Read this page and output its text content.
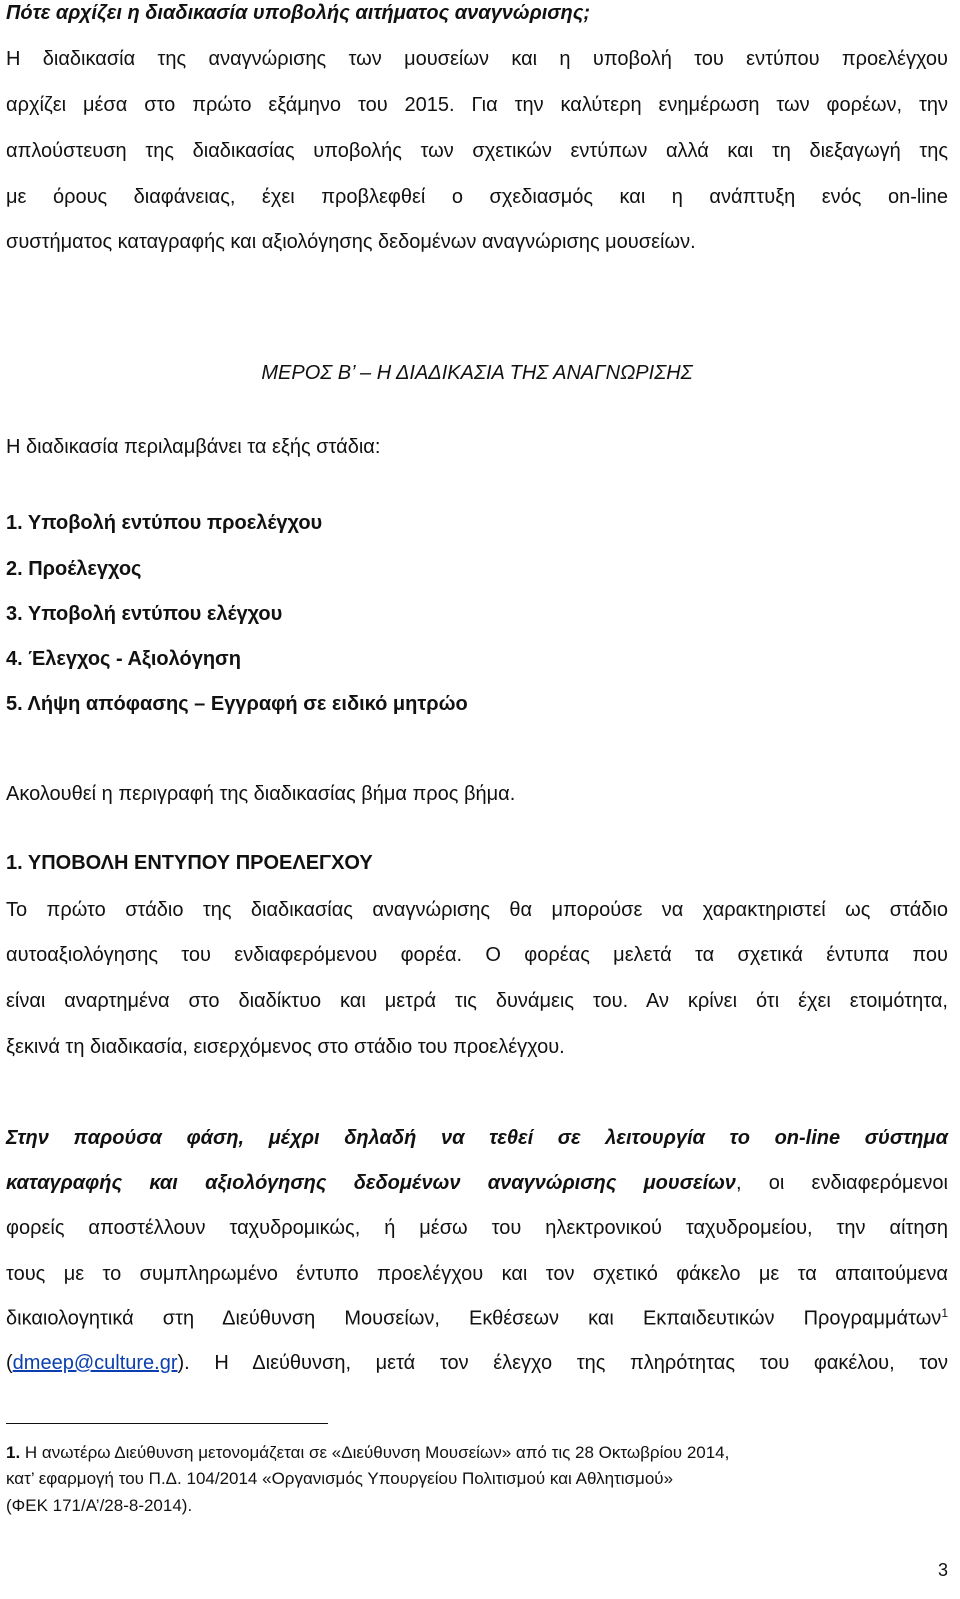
Πότε αρχίζει η διαδικασία υποβολής αιτήματος αναγνώρισης;
Η διαδικασία της αναγνώρισης των μουσείων και η υποβολή του εντύπου προελέγχου
αρχίζει μέσα στο πρώτο εξάμηνο του 2015. Για την καλύτερη ενημέρωση των φορέων, την
απλούστευση της διαδικασίας υποβολής των σχετικών εντύπων αλλά και τη διεξαγωγή της
με όρους διαφάνειας, έχει προβλεφθεί ο σχεδιασμός και η ανάπτυξη ενός on-line
συστήματος καταγραφής και αξιολόγησης δεδομένων αναγνώρισης μουσείων.
ΜΕΡΟΣ Β’ – Η ΔΙΑΔΙΚΑΣΙΑ ΤΗΣ ΑΝΑΓΝΩΡΙΣΗΣ
Η διαδικασία περιλαμβάνει τα εξής στάδια:
1. Υποβολή εντύπου προελέγχου
2. Προέλεγχος
3. Υποβολή εντύπου ελέγχου
4. Έλεγχος - Αξιολόγηση
5. Λήψη απόφασης – Εγγραφή σε ειδικό μητρώο
Ακολουθεί η περιγραφή της διαδικασίας βήμα προς βήμα.
1. ΥΠΟΒΟΛΗ ΕΝΤΥΠΟΥ ΠΡΟΕΛΕΓΧΟΥ
Το πρώτο στάδιο της διαδικασίας αναγνώρισης θα μπορούσε να χαρακτηριστεί ως στάδιο
αυτοαξιολόγησης του ενδιαφερόμενου φορέα. Ο φορέας μελετά τα σχετικά έντυπα που
είναι αναρτημένα στο διαδίκτυο και μετρά τις δυνάμεις του. Αν κρίνει ότι έχει ετοιμότητα,
ξεκινά τη διαδικασία, εισερχόμενος στο στάδιο του προελέγχου.
Στην παρούσα φάση, μέχρι δηλαδή να τεθεί σε λειτουργία το on-line σύστημα
καταγραφής και αξιολόγησης δεδομένων αναγνώρισης μουσείων, οι ενδιαφερόμενοι
φορείς αποστέλλουν ταχυδρομικώς, ή μέσω του ηλεκτρονικού ταχυδρομείου, την αίτηση
τους με το συμπληρωμένο έντυπο προελέγχου και τον σχετικό φάκελο με τα απαιτούμενα
δικαιολογητικά στη Διεύθυνση Μουσείων, Εκθέσεων και Εκπαιδευτικών Προγραμμάτων$^1$
(dmeep@culture.gr). Η Διεύθυνση, μετά τον έλεγχο της πληρότητας του φακέλου, τον
1. Η ανωτέρω Διεύθυνση μετονομάζεται σε «Διεύθυνση Μουσείων» από τις 28 Οκτωβρίου 2014,
κατ’ εφαρμογή του Π.Δ. 104/2014 «Οργανισμός Υπουργείου Πολιτισμού και Αθλητισμού»
(ΦΕΚ 171/Α’/28-8-2014).
3
